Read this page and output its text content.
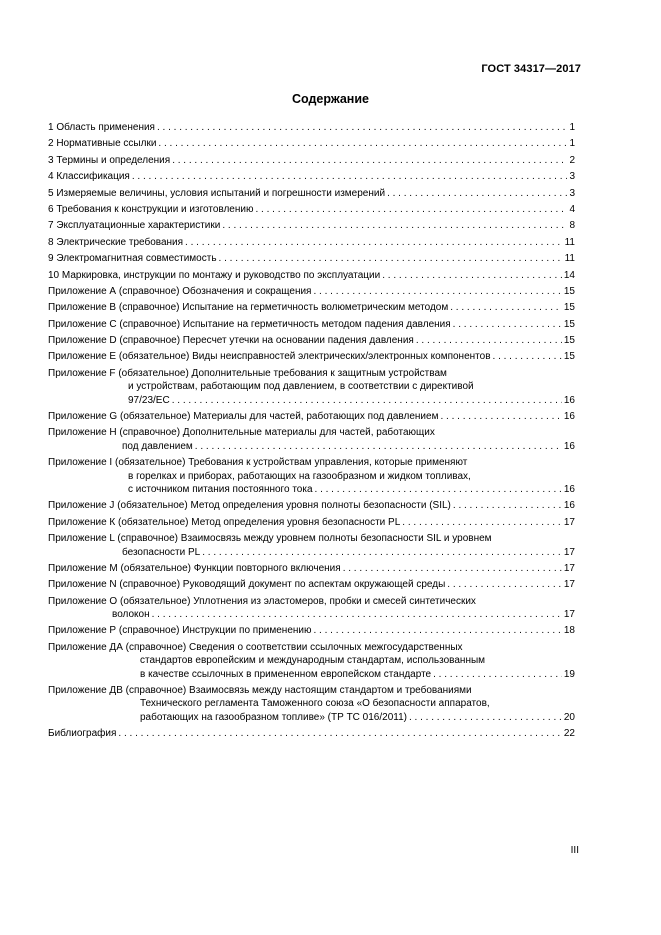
ГОСТ 34317—2017
Содержание
1 Область применения . . .	1
2 Нормативные ссылки . . .	1
3 Термины и определения . . .	2
4 Классификация . . .	3
5 Измеряемые величины, условия испытаний и погрешности измерений . . .	3
6 Требования к конструкции и изготовлению . . .	4
7 Эксплуатационные характеристики . . .	8
8 Электрические требования . . .	11
9 Электромагнитная совместимость . . .	11
10 Маркировка, инструкции по монтажу и руководство по эксплуатации . . .	14
Приложение А (справочное) Обозначения и сокращения . . .	15
Приложение В (справочное) Испытание на герметичность волюметрическим методом . . .	15
Приложение С (справочное) Испытание на герметичность методом падения давления . . .	15
Приложение D (справочное) Пересчет утечки на основании падения давления . . .	15
Приложение Е (обязательное) Виды неисправностей электрических/электронных компонентов . . .	15
Приложение F (обязательное) Дополнительные требования к защитным устройствам
и устройствам, работающим под давлением, в соответствии с директивой
97/23/ЕС . . .	16
Приложение G (обязательное) Материалы для частей, работающих под давлением . . .	16
Приложение Н (справочное) Дополнительные материалы для частей, работающих
под давлением . . .	16
Приложение I (обязательное) Требования к устройствам управления, которые применяют
в горелках и приборах, работающих на газообразном и жидком топливах,
с источником питания постоянного тока . . .	16
Приложение J (обязательное) Метод определения уровня полноты безопасности (SIL) . . .	16
Приложение К (обязательное) Метод определения уровня безопасности PL . . .	17
Приложение L (справочное) Взаимосвязь между уровнем полноты безопасности SIL и уровнем
безопасности PL . . .	17
Приложение М (обязательное) Функции повторного включения . . .	17
Приложение N (справочное) Руководящий документ по аспектам окружающей среды . . .	17
Приложение О (обязательное) Уплотнения из эластомеров, пробки и смесей синтетических
волокон . . .	17
Приложение Р (справочное) Инструкции по применению . . .	18
Приложение ДА (справочное) Сведения о соответствии ссылочных межгосударственных
стандартов европейским и международным стандартам, использованным
в качестве ссылочных в примененном европейском стандарте . . .	19
Приложение ДВ (справочное) Взаимосвязь между настоящим стандартом и требованиями
Технического регламента Таможенного союза «О безопасности аппаратов,
работающих на газообразном топливе» (ТР ТС 016/2011) . . .	20
Библиография . . .	22
III
